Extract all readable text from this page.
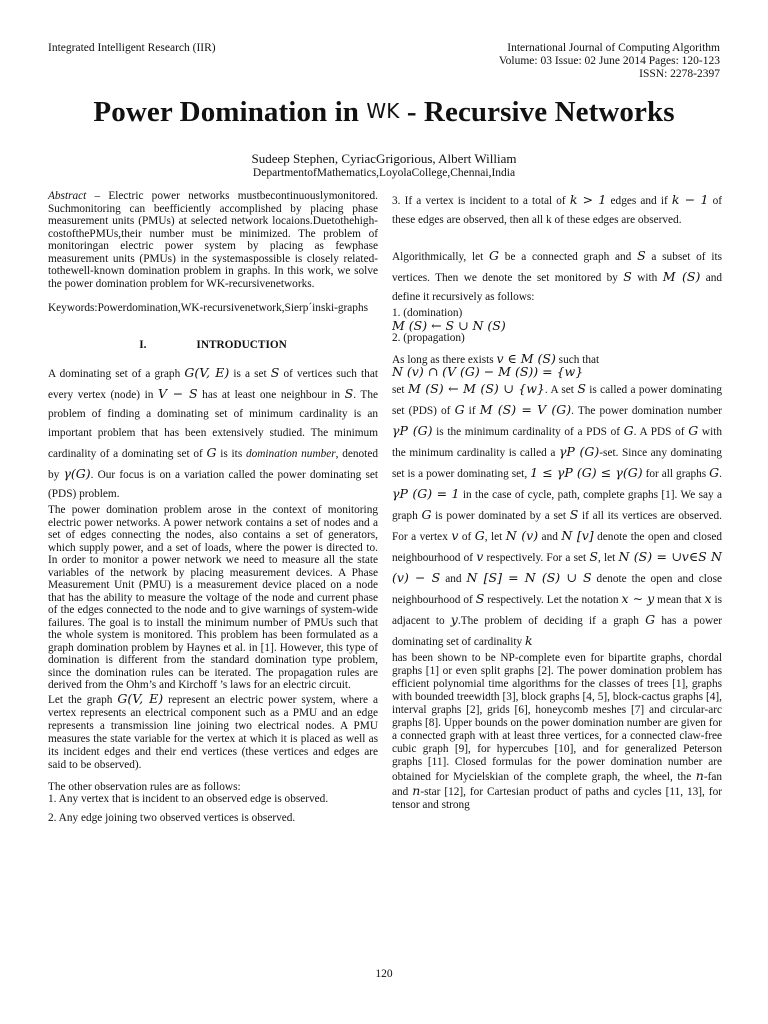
Integrated Intelligent Research (IIR)	International Journal of Computing Algorithm
Volume: 03 Issue: 02 June 2014 Pages: 120-123
ISSN: 2278-2397
Power Domination in WK - Recursive Networks
Sudeep Stephen, CyriacGrigorious, Albert William
DepartmentofMathematics,LoyolaCollege,Chennai,India

Abstract – Electric power networks mustbecontinuouslymonitored. Suchmonitoring can beefficiently accomplished by placing phase measurement units (PMUs) at selected network locaions.Duetothehigh-costofthePMUs,their number must be minimized. The problem of monitoringan electric power system by placing as fewphase measurement units (PMUs) in the systemaspossible is closely related-tothewell-known domination problem in graphs. In this work, we solve the power domination problem for WK-recursivenetworks.

Keywords:Powerdomination,WK-recursivenetwork,Sierp´inski-graphs

I.	INTRODUCTION

A dominating set of a graph G(V, E) is a set S of vertices such that every vertex (node) in V − S has at least one neighbour in S. The problem of finding a dominating set of minimum cardinality is an important problem that has been extensively studied. The minimum cardinality of a dominating set of G is its domination number, denoted by γ(G). Our focus is on a variation called the power dominating set (PDS) problem.

The power domination problem arose in the context of monitoring electric power networks. A power network contains a set of nodes and a set of edges connecting the nodes, also contains a set of generators, which supply power, and a set of loads, where the power is directed to. In order to monitor a power network we need to measure all the state variables of the network by placing measurement devices. A Phase Measurement Unit (PMU) is a measurement device placed on a node that has the ability to measure the voltage of the node and current phase of the edges connected to the node and to give warnings of system-wide failures. The goal is to install the minimum number of PMUs such that the whole system is monitored. This problem has been formulated as a graph domination problem by Haynes et al. in [1]. However, this type of domination is different from the standard domination type problem, since the domination rules can be iterated. The propagation rules are derived from the Ohm’s and Kirchoff ’s laws for an electric circuit.

Let the graph G(V, E) represent an electric power system, where a vertex represents an electrical component such as a PMU and an edge represents a transmission line joining two electrical nodes. A PMU measures the state variable for the vertex at which it is placed as well as its incident edges and their end vertices (these vertices and edges are said to be observed).

The other observation rules are as follows:

1. Any vertex that is incident to an observed edge is observed.

2. Any edge joining two observed vertices is observed.

3. If a vertex is incident to a total of k > 1 edges and if k − 1 of these edges are observed, then all k of these edges are observed.

Algorithmically, let G be a connected graph and S a subset of its vertices. Then we denote the set monitored by S with M (S) and define it recursively as follows:

1. (domination)

M (S) ← S ∪ N (S)

2. (propagation)

As long as there exists v ∈ M (S) such that

N (v) ∩ (V (G) − M (S)) = {w}

set M (S) ← M (S) ∪ {w}. A set S is called a power dominating set (PDS) of G if M (S) = V (G). The power domination number γP (G) is the minimum cardinality of a PDS of G. A PDS of G with the minimum cardinality is called a γP (G)-set. Since any dominating set is a power dominating set, 1 ≤ γP (G) ≤ γ(G) for all graphs G. γP (G) = 1 in the case of cycle, path, complete graphs [1]. We say a graph G is power dominated by a set S if all its vertices are observed. For a vertex v of G, let N (v) and N [v] denote the open and closed neighbourhood of v respectively. For a set S, let N (S) = ∪v∈S N (v) − S and N [S] = N (S) ∪ S denote the open and close neighbourhood of S respectively. Let the notation x ∼ y mean that x is adjacent to y.The problem of deciding if a graph G has a power dominating set of cardinality k

has been shown to be NP-complete even for bipartite graphs, chordal graphs [1] or even split graphs [2]. The power domination problem has efficient polynomial time algorithms for the classes of trees [1], graphs with bounded treewidth [3], block graphs [4, 5], block-cactus graphs [4], interval graphs [2], grids [6], honeycomb meshes [7] and circular-arc graphs [8]. Upper bounds on the power domination number are given for a connected graph with at least three vertices, for a connected claw-free cubic graph [9], for hypercubes [10], and for generalized Peterson graphs [11]. Closed formulas for the power domination number are obtained for Mycielskian of the complete graph, the wheel, the n-fan and n-star [12], for Cartesian product of paths and cycles [11, 13], for tensor and strong

120
